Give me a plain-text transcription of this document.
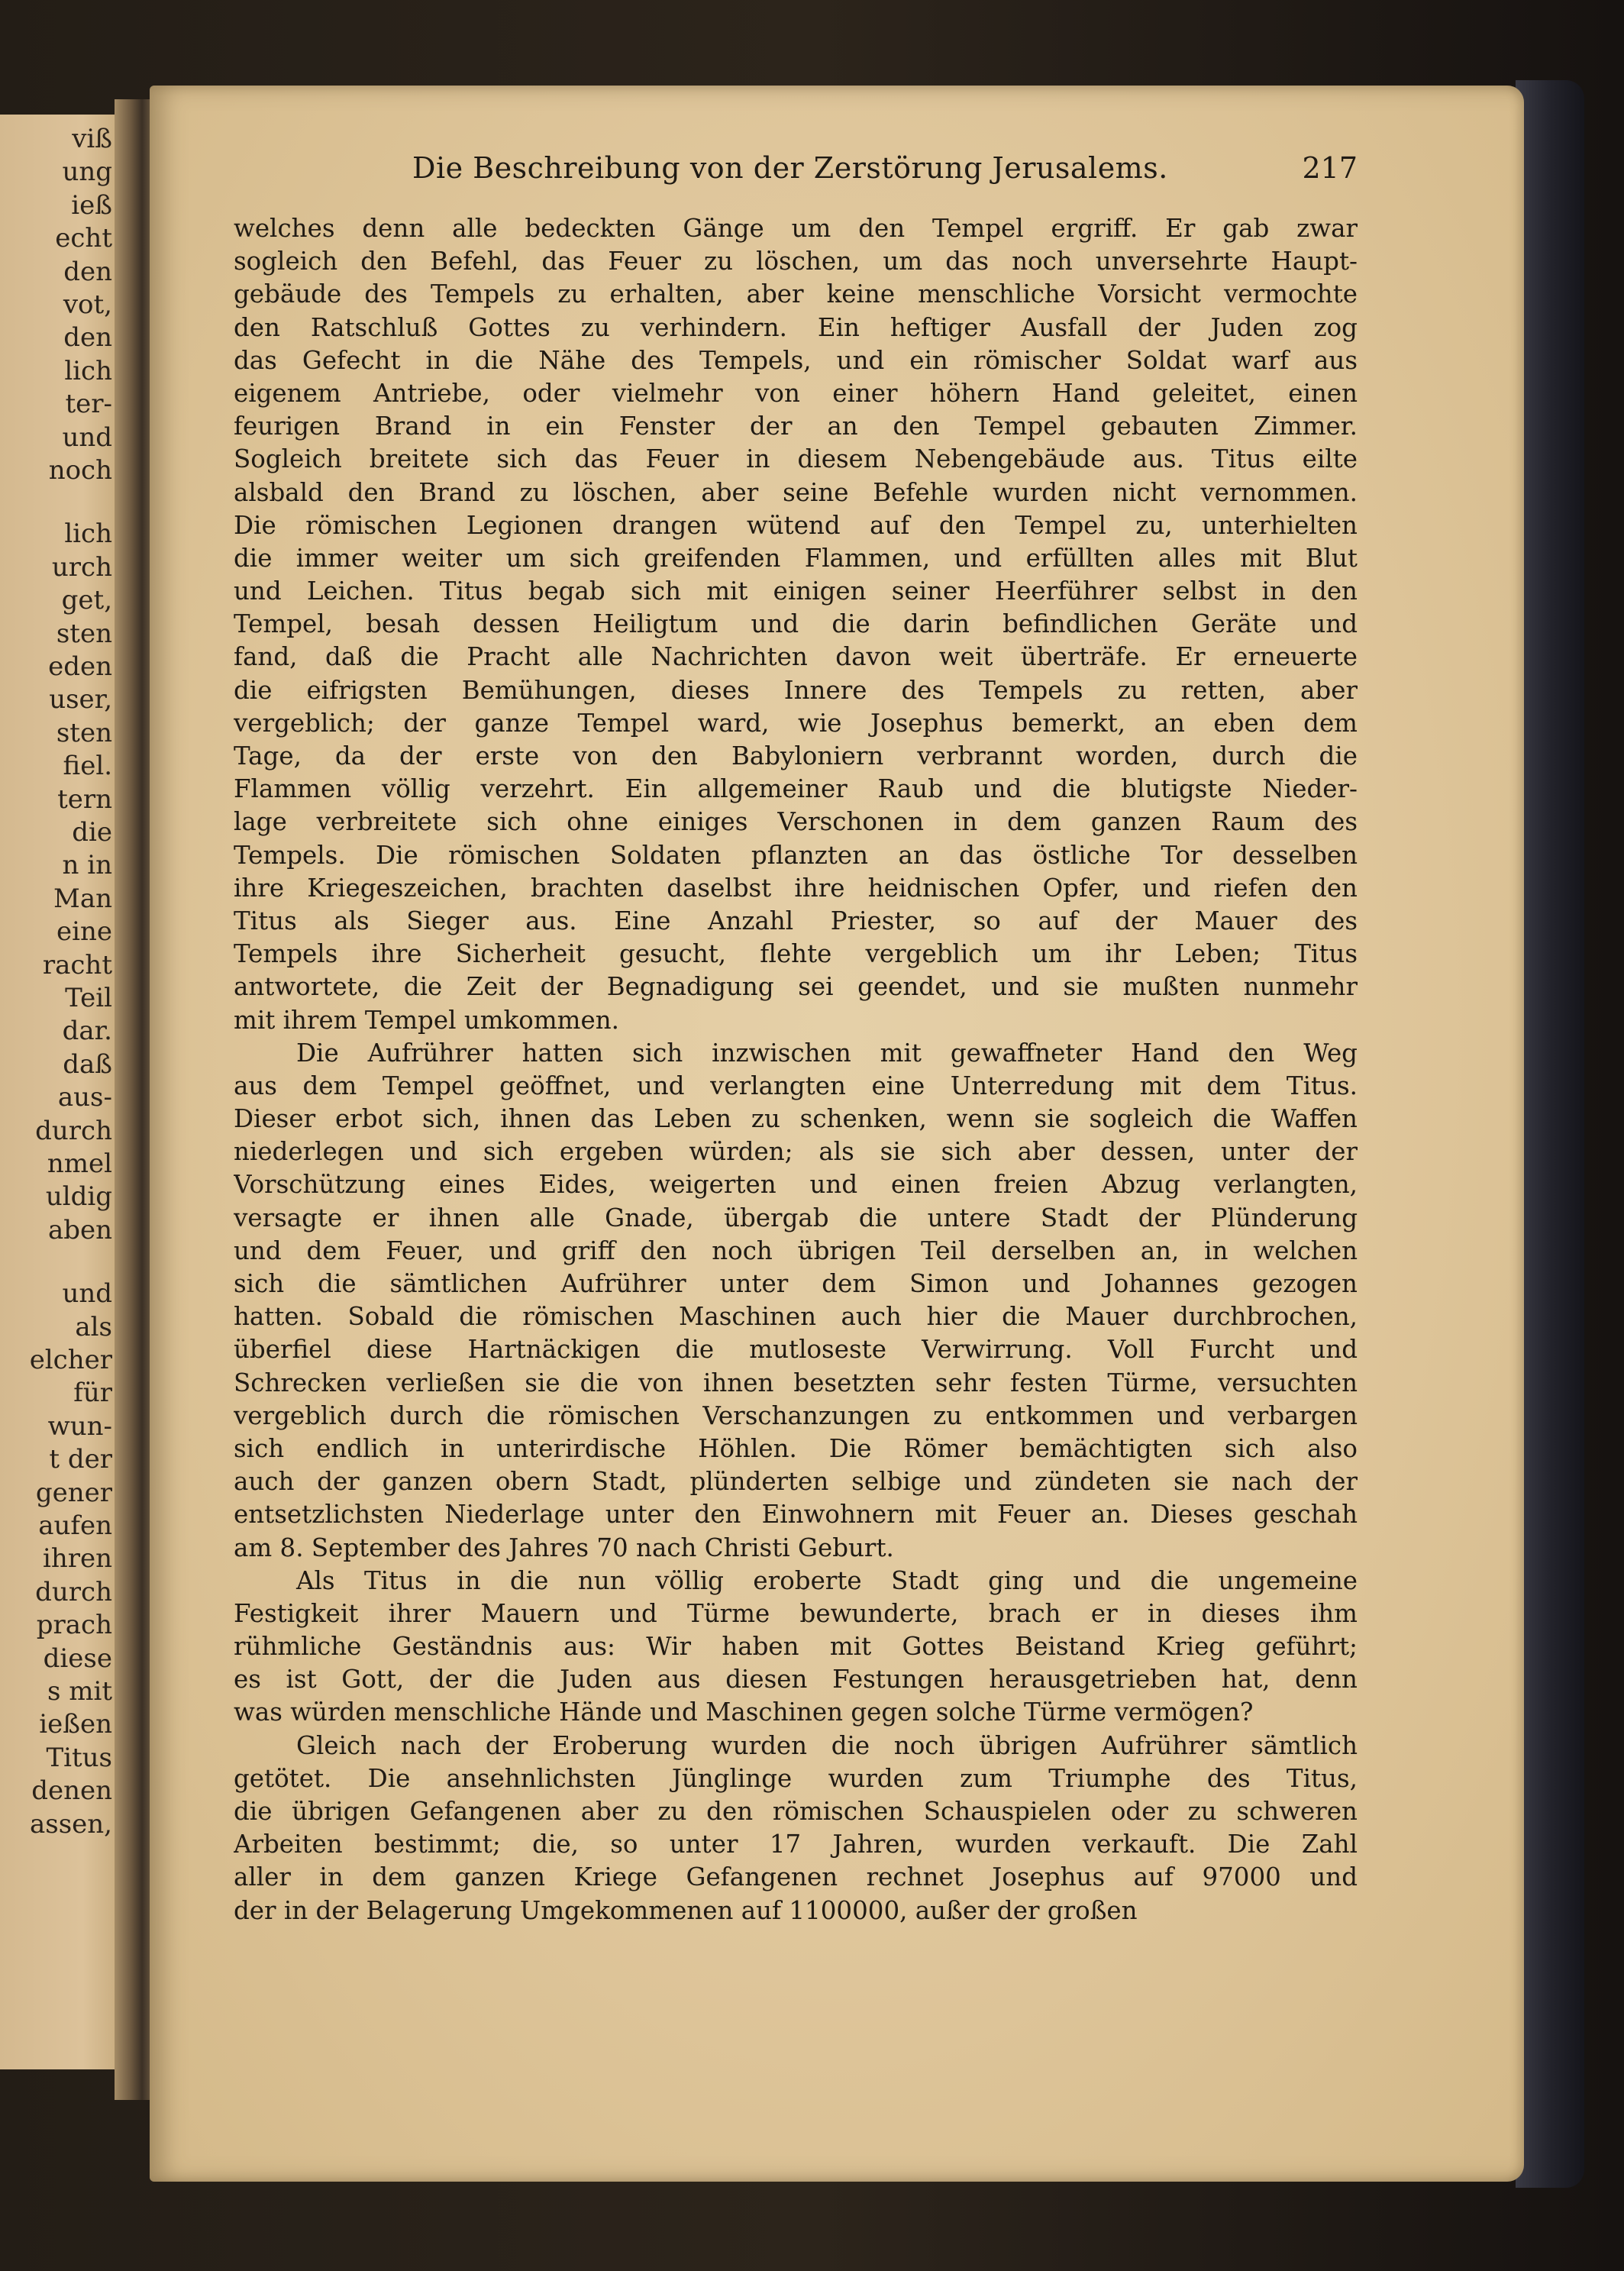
viß
ung
ieß
echt
den
vot,
den
lich
ter-
und
noch
lich
urch
get,
sten
eden
user,
sten
fiel.
tern
die
n in
Man
eine
racht
Teil
dar.
daß
aus-
durch
nmel
uldig
aben
und
als
elcher
für
wun-
t der
gener
aufen
ihren
durch
prach
diese
s mit
ießen
Titus
denen
assen,
Die Beschreibung von der Zerstörung Jerusalems.	217
welches denn alle bedeckten Gänge um den Tempel ergriff. Er gab zwar
sogleich den Befehl, das Feuer zu löschen, um das noch unversehrte Haupt-
gebäude des Tempels zu erhalten, aber keine menschliche Vorsicht vermochte
den Ratschluß Gottes zu verhindern. Ein heftiger Ausfall der Juden zog
das Gefecht in die Nähe des Tempels, und ein römischer Soldat warf aus
eigenem Antriebe, oder vielmehr von einer höhern Hand geleitet, einen
feurigen Brand in ein Fenster der an den Tempel gebauten Zimmer.
Sogleich breitete sich das Feuer in diesem Nebengebäude aus. Titus eilte
alsbald den Brand zu löschen, aber seine Befehle wurden nicht vernommen.
Die römischen Legionen drangen wütend auf den Tempel zu, unterhielten
die immer weiter um sich greifenden Flammen, und erfüllten alles mit Blut
und Leichen. Titus begab sich mit einigen seiner Heerführer selbst in den
Tempel, besah dessen Heiligtum und die darin befindlichen Geräte und
fand, daß die Pracht alle Nachrichten davon weit überträfe. Er erneuerte
die eifrigsten Bemühungen, dieses Innere des Tempels zu retten, aber
vergeblich; der ganze Tempel ward, wie Josephus bemerkt, an eben dem
Tage, da der erste von den Babyloniern verbrannt worden, durch die
Flammen völlig verzehrt. Ein allgemeiner Raub und die blutigste Nieder-
lage verbreitete sich ohne einiges Verschonen in dem ganzen Raum des
Tempels. Die römischen Soldaten pflanzten an das östliche Tor desselben
ihre Kriegeszeichen, brachten daselbst ihre heidnischen Opfer, und riefen den
Titus als Sieger aus. Eine Anzahl Priester, so auf der Mauer des
Tempels ihre Sicherheit gesucht, flehte vergeblich um ihr Leben; Titus
antwortete, die Zeit der Begnadigung sei geendet, und sie mußten nunmehr
mit ihrem Tempel umkommen.
Die Aufrührer hatten sich inzwischen mit gewaffneter Hand den Weg
aus dem Tempel geöffnet, und verlangten eine Unterredung mit dem Titus.
Dieser erbot sich, ihnen das Leben zu schenken, wenn sie sogleich die Waffen
niederlegen und sich ergeben würden; als sie sich aber dessen, unter der
Vorschützung eines Eides, weigerten und einen freien Abzug verlangten,
versagte er ihnen alle Gnade, übergab die untere Stadt der Plünderung
und dem Feuer, und griff den noch übrigen Teil derselben an, in welchen
sich die sämtlichen Aufrührer unter dem Simon und Johannes gezogen
hatten. Sobald die römischen Maschinen auch hier die Mauer durchbrochen,
überfiel diese Hartnäckigen die mutloseste Verwirrung. Voll Furcht und
Schrecken verließen sie die von ihnen besetzten sehr festen Türme, versuchten
vergeblich durch die römischen Verschanzungen zu entkommen und verbargen
sich endlich in unterirdische Höhlen. Die Römer bemächtigten sich also
auch der ganzen obern Stadt, plünderten selbige und zündeten sie nach der
entsetzlichsten Niederlage unter den Einwohnern mit Feuer an. Dieses geschah
am 8. September des Jahres 70 nach Christi Geburt.
Als Titus in die nun völlig eroberte Stadt ging und die ungemeine
Festigkeit ihrer Mauern und Türme bewunderte, brach er in dieses ihm
rühmliche Geständnis aus: Wir haben mit Gottes Beistand Krieg geführt;
es ist Gott, der die Juden aus diesen Festungen herausgetrieben hat, denn
was würden menschliche Hände und Maschinen gegen solche Türme vermögen?
Gleich nach der Eroberung wurden die noch übrigen Aufrührer sämtlich
getötet. Die ansehnlichsten Jünglinge wurden zum Triumphe des Titus,
die übrigen Gefangenen aber zu den römischen Schauspielen oder zu schweren
Arbeiten bestimmt; die, so unter 17 Jahren, wurden verkauft. Die Zahl
aller in dem ganzen Kriege Gefangenen rechnet Josephus auf 97000 und
der in der Belagerung Umgekommenen auf 1100000, außer der großen
